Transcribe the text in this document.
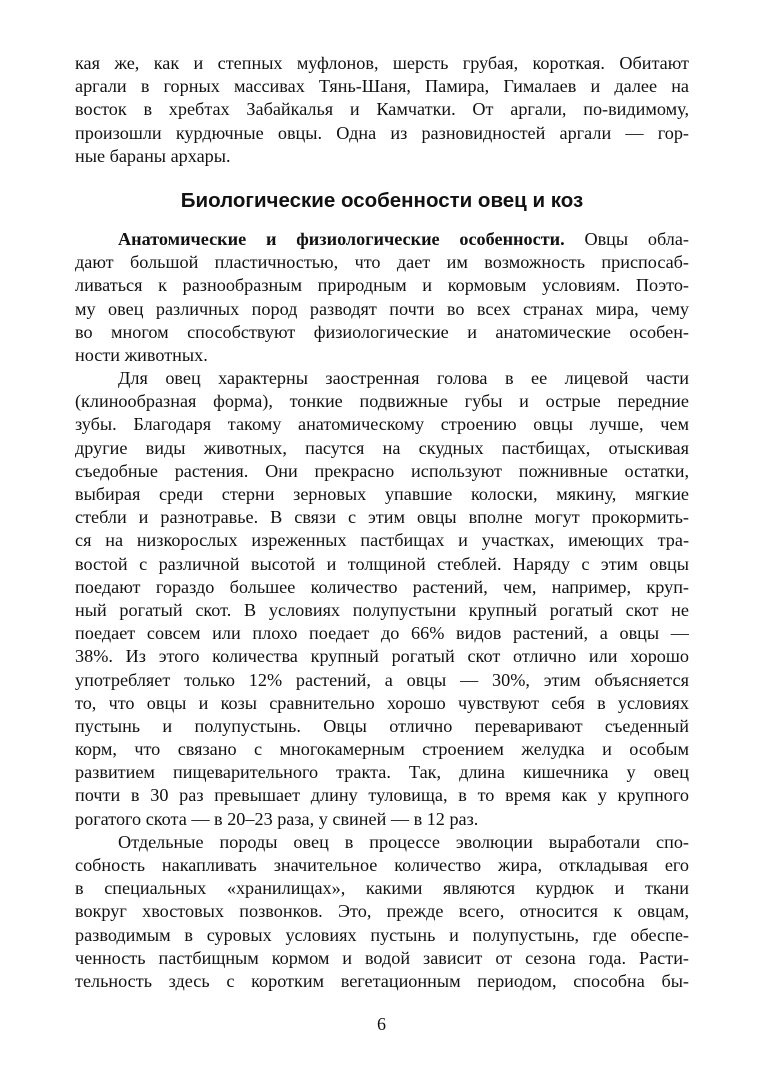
кая же, как и степных муфлонов, шерсть грубая, короткая. Обитают
аргали в горных массивах Тянь-Шаня, Памира, Гималаев и далее на
восток в хребтах Забайкалья и Камчатки. От аргали, по-видимому,
произошли курдючные овцы. Одна из разновидностей аргали — гор-
ные бараны архары.
Биологические особенности овец и коз
Анатомические и физиологические особенности. Овцы обла-
дают большой пластичностью, что дает им возможность приспосаб-
ливаться к разнообразным природным и кормовым условиям. Поэто-
му овец различных пород разводят почти во всех странах мира, чему
во многом способствуют физиологические и анатомические особен-
ности животных.
Для овец характерны заостренная голова в ее лицевой части
(клинообразная форма), тонкие подвижные губы и острые передние
зубы. Благодаря такому анатомическому строению овцы лучше, чем
другие виды животных, пасутся на скудных пастбищах, отыскивая
съедобные растения. Они прекрасно используют пожнивные остатки,
выбирая среди стерни зерновых упавшие колоски, мякину, мягкие
стебли и разнотравье. В связи с этим овцы вполне могут прокормить-
ся на низкорослых изреженных пастбищах и участках, имеющих тра-
востой с различной высотой и толщиной стеблей. Наряду с этим овцы
поедают гораздо большее количество растений, чем, например, круп-
ный рогатый скот. В условиях полупустыни крупный рогатый скот не
поедает совсем или плохо поедает до 66% видов растений, а овцы —
38%. Из этого количества крупный рогатый скот отлично или хорошо
употребляет только 12% растений, а овцы — 30%, этим объясняется
то, что овцы и козы сравнительно хорошо чувствуют себя в условиях
пустынь и полупустынь. Овцы отлично переваривают съеденный
корм, что связано с многокамерным строением желудка и особым
развитием пищеварительного тракта. Так, длина кишечника у овец
почти в 30 раз превышает длину туловища, в то время как у крупного
рогатого скота — в 20–23 раза, у свиней — в 12 раз.
Отдельные породы овец в процессе эволюции выработали спо-
собность накапливать значительное количество жира, откладывая его
в специальных «хранилищах», какими являются курдюк и ткани
вокруг хвостовых позвонков. Это, прежде всего, относится к овцам,
разводимым в суровых условиях пустынь и полупустынь, где обеспе-
ченность пастбищным кормом и водой зависит от сезона года. Расти-
тельность здесь с коротким вегетационным периодом, способна бы-
6
